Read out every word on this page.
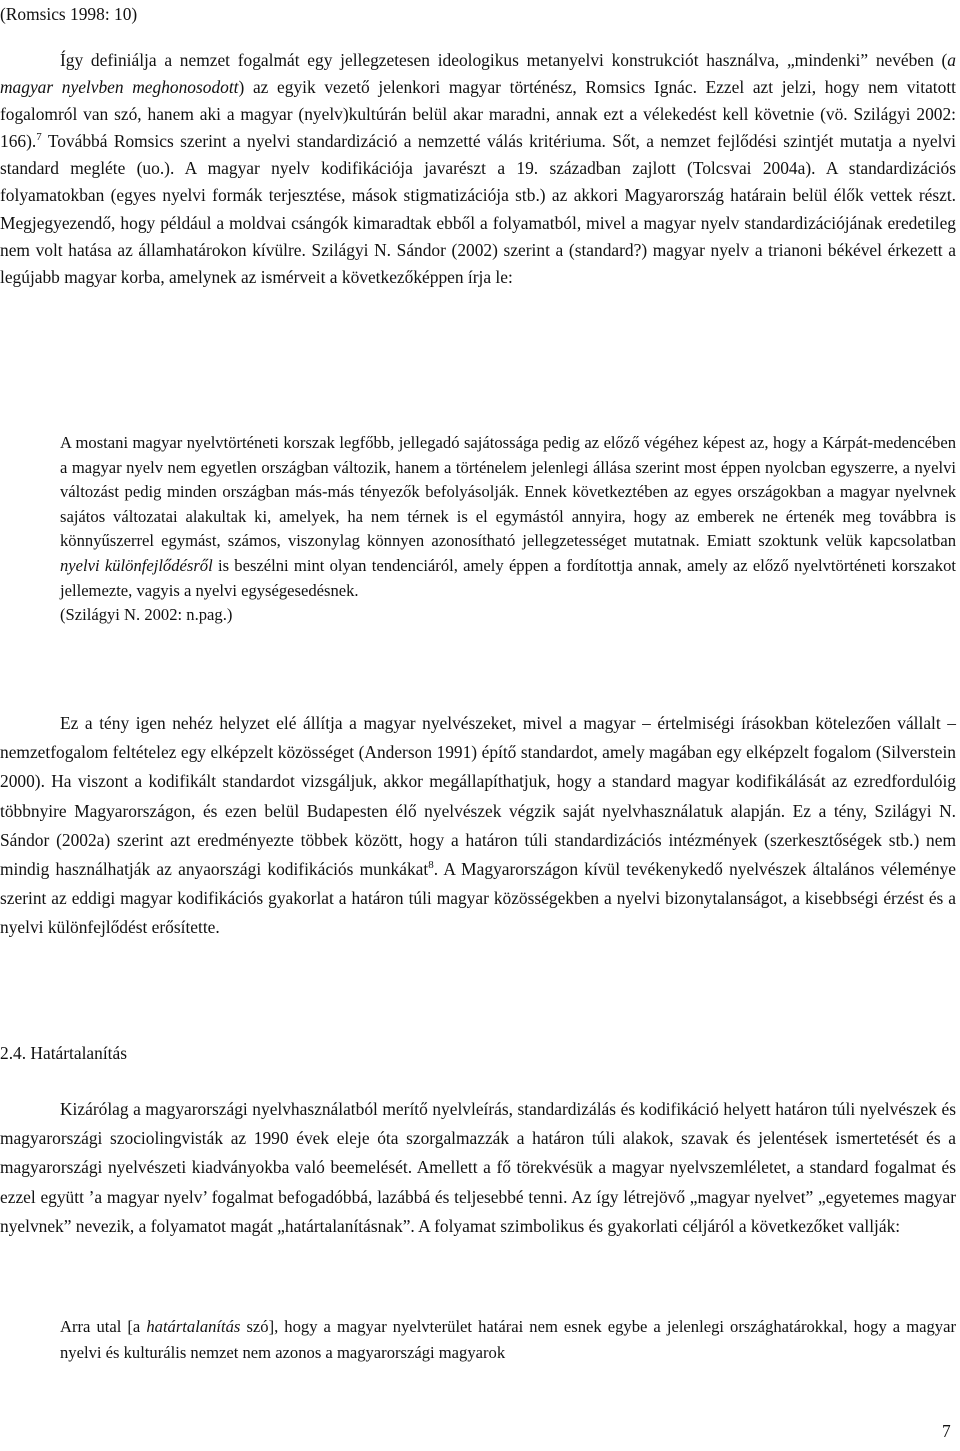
(Romsics 1998: 10)

Így definiálja a nemzet fogalmát egy jellegzetesen ideologikus metanyelvi konstrukciót használva, „mindenki” nevében (a magyar nyelvben meghonosodott) az egyik vezető jelenkori magyar történész, Romsics Ignác. Ezzel azt jelzi, hogy nem vitatott fogalomról van szó, hanem aki a magyar (nyelv)kultúrán belül akar maradni, annak ezt a vélekedést kell követnie (vö. Szilágyi 2002: 166).$^7$ Továbbá Romsics szerint a nyelvi standardizáció a nemzetté válás kritériuma. Sőt, a nemzet fejlődési szintjét mutatja a nyelvi standard megléte (uo.). A magyar nyelv kodifikációja javarészt a 19. században zajlott (Tolcsvai 2004a). A standardizációs folyamatokban (egyes nyelvi formák terjesztése, mások stigmatizációja stb.) az akkori Magyarország határain belül élők vettek részt. Megjegyezendő, hogy például a moldvai csángók kimaradtak ebből a folyamatból, mivel a magyar nyelv standardizációjának eredetileg nem volt hatása az államhatárokon kívülre. Szilágyi N. Sándor (2002) szerint a (standard?) magyar nyelv a trianoni békével érkezett a legújabb magyar korba, amelynek az ismérveit a következőképpen írja le:

A mostani magyar nyelvtörténeti korszak legfőbb, jellegadó sajátossága pedig az előző végéhez képest az, hogy a Kárpát-medencében a magyar nyelv nem egyetlen országban változik, hanem a történelem jelenlegi állása szerint most éppen nyolcban egyszerre, a nyelvi változást pedig minden országban más-más tényezők befolyásolják. Ennek következtében az egyes országokban a magyar nyelvnek sajátos változatai alakultak ki, amelyek, ha nem térnek is el egymástól annyira, hogy az emberek ne értenék meg továbbra is könnyűszerrel egymást, számos, viszonylag könnyen azonosítható jellegzetességet mutatnak. Emiatt szoktunk velük kapcsolatban nyelvi különfejlődésről is beszélni mint olyan tendenciáról, amely éppen a fordítottja annak, amely az előző nyelvtörténeti korszakot jellemezte, vagyis a nyelvi egységesedésnek.

(Szilágyi N. 2002: n.pag.)

Ez a tény igen nehéz helyzet elé állítja a magyar nyelvészeket, mivel a magyar – értelmiségi írásokban kötelezően vállalt – nemzetfogalom feltételez egy elképzelt közösséget (Anderson 1991) építő standardot, amely magában egy elképzelt fogalom (Silverstein 2000). Ha viszont a kodifikált standardot vizsgáljuk, akkor megállapíthatjuk, hogy a standard magyar kodifikálását az ezredfordulóig többnyire Magyarországon, és ezen belül Budapesten élő nyelvészek végzik saját nyelvhasználatuk alapján. Ez a tény, Szilágyi N. Sándor (2002a) szerint azt eredményezte többek között, hogy a határon túli standardizációs intézmények (szerkesztőségek stb.) nem mindig használhatják az anyaországi kodifikációs munkákat$^8$. A Magyarországon kívül tevékenykedő nyelvészek általános véleménye szerint az eddigi magyar kodifikációs gyakorlat a határon túli magyar közösségekben a nyelvi bizonytalanságot, a kisebbségi érzést és a nyelvi különfejlődést erősítette.

2.4. Határtalanítás

Kizárólag a magyarországi nyelvhasználatból merítő nyelvleírás, standardizálás és kodifikáció helyett határon túli nyelvészek és magyarországi szociolingvisták az 1990 évek eleje óta szorgalmazzák a határon túli alakok, szavak és jelentések ismertetését és a magyarországi nyelvészeti kiadványokba való beemelését. Amellett a fő törekvésük a magyar nyelvszemléletet, a standard fogalmat és ezzel együtt ’a magyar nyelv’ fogalmat befogadóbbá, lazábbá és teljesebbé tenni. Az így létrejövő „magyar nyelvet” „egyetemes magyar nyelvnek” nevezik, a folyamatot magát „határtalanításnak”. A folyamat szimbolikus és gyakorlati céljáról a következőket vallják:

Arra utal [a határtalanítás szó], hogy a magyar nyelvterület határai nem esnek egybe a jelenlegi országhatárokkal, hogy a magyar nyelvi és kulturális nemzet nem azonos a magyarországi magyarok

7
